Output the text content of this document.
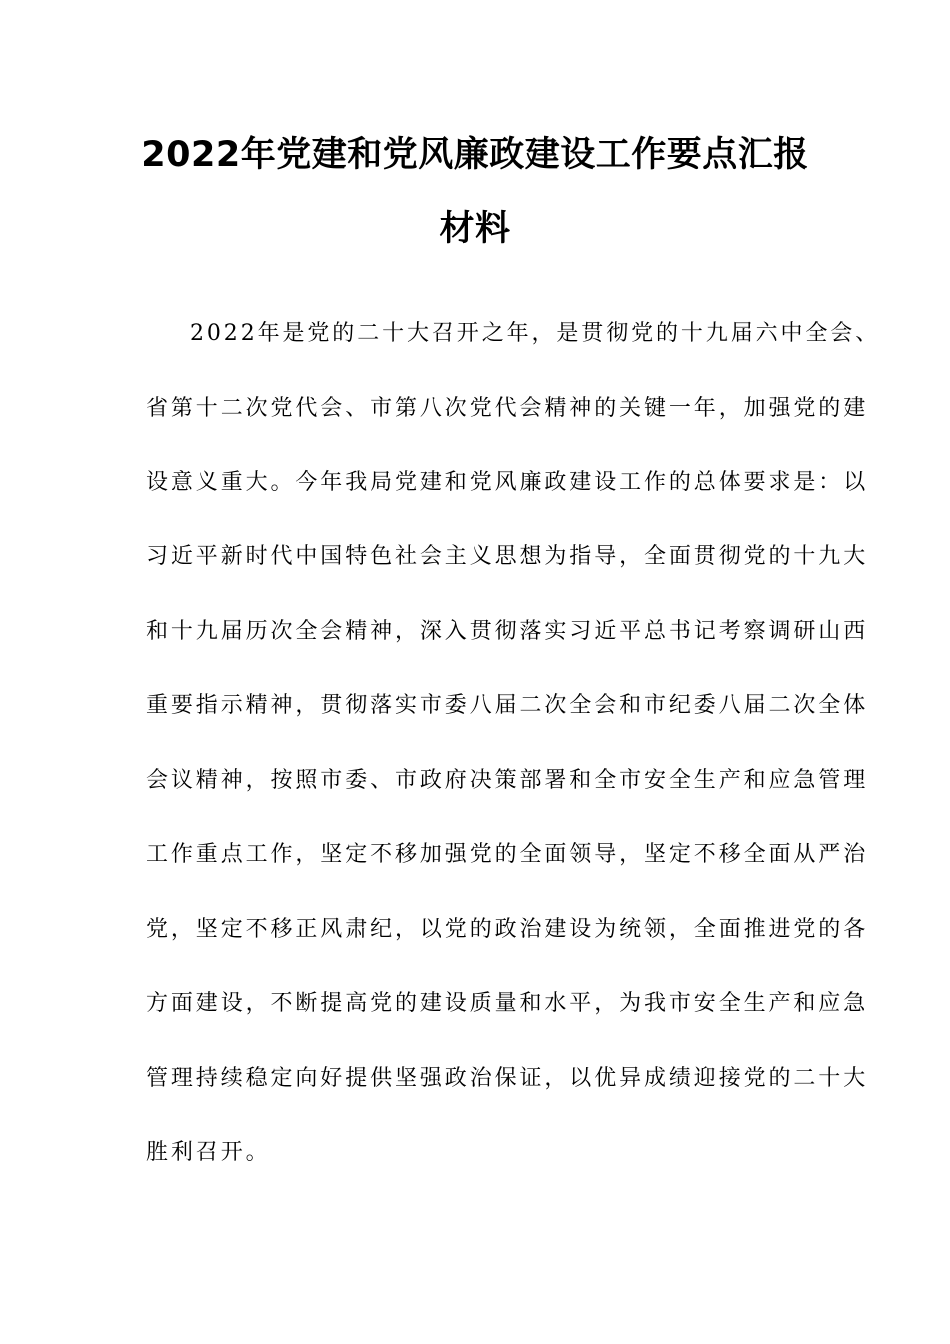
2022年党建和党风廉政建设工作要点汇报
材料
2022年是党的二十大召开之年，是贯彻党的十九届六中全会、
省第十二次党代会、市第八次党代会精神的关键一年，加强党的建
设意义重大。今年我局党建和党风廉政建设工作的总体要求是：以
习近平新时代中国特色社会主义思想为指导，全面贯彻党的十九大
和十九届历次全会精神，深入贯彻落实习近平总书记考察调研山西
重要指示精神，贯彻落实市委八届二次全会和市纪委八届二次全体
会议精神，按照市委、市政府决策部署和全市安全生产和应急管理
工作重点工作，坚定不移加强党的全面领导，坚定不移全面从严治
党，坚定不移正风肃纪，以党的政治建设为统领，全面推进党的各
方面建设，不断提高党的建设质量和水平，为我市安全生产和应急
管理持续稳定向好提供坚强政治保证，以优异成绩迎接党的二十大
胜利召开。
